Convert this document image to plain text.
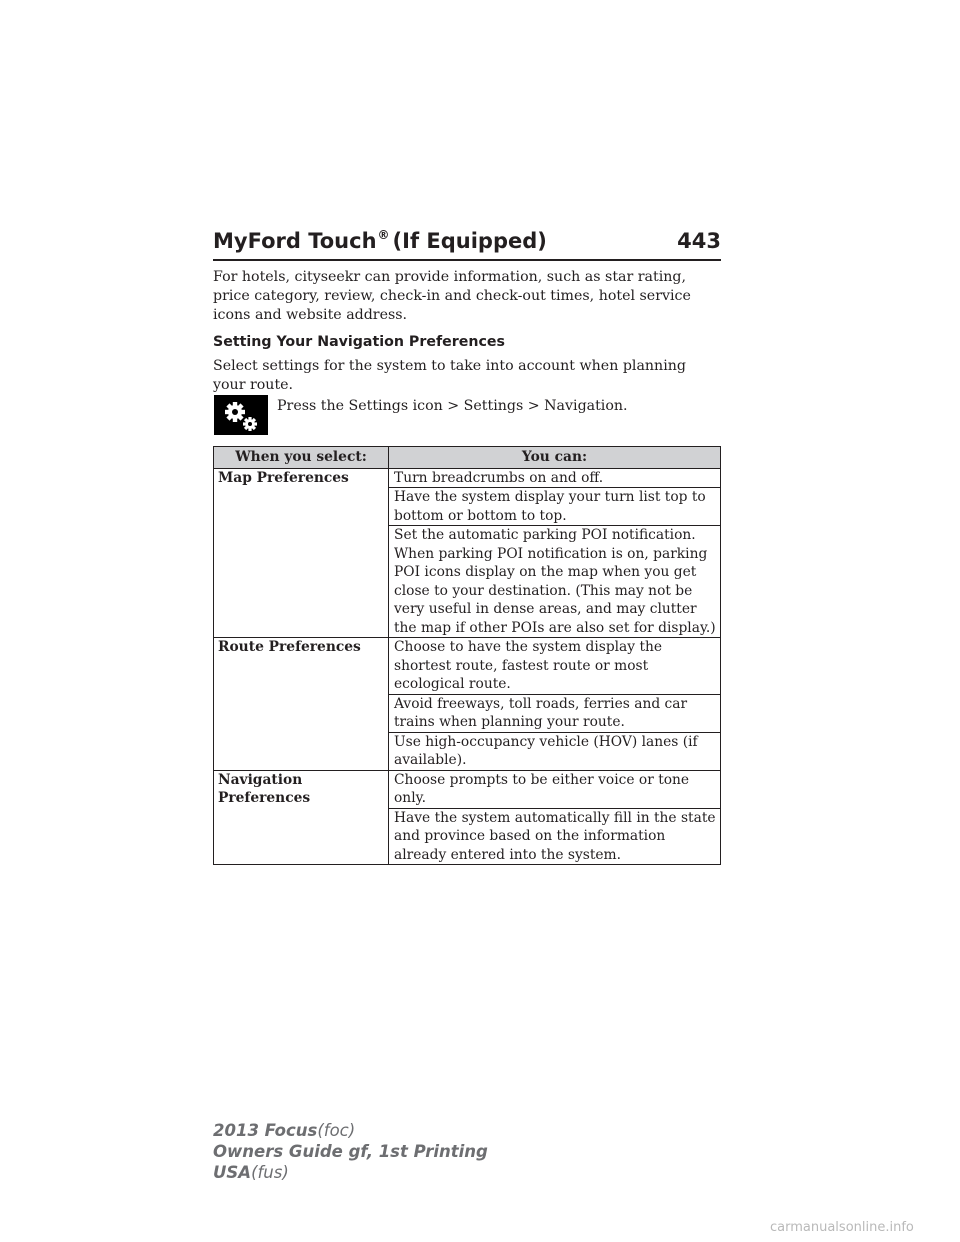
MyFord Touch ® (If Equipped)	443

For hotels, cityseekr can provide information, such as star rating, price category, review, check-in and check-out times, hotel service icons and website address.

Setting Your Navigation Preferences

Select settings for the system to take into account when planning your route.

Press the Settings icon > Settings > Navigation.

When you select:	You can:
Map Preferences	Turn breadcrumbs on and off.
	Have the system display your turn list top to bottom or bottom to top.
	Set the automatic parking POI notification. When parking POI notification is on, parking POI icons display on the map when you get close to your destination. (This may not be very useful in dense areas, and may clutter the map if other POIs are also set for display.)
Route Preferences	Choose to have the system display the shortest route, fastest route or most ecological route.
	Avoid freeways, toll roads, ferries and car trains when planning your route.
	Use high-occupancy vehicle (HOV) lanes (if available).
Navigation Preferences	Choose prompts to be either voice or tone only.
	Have the system automatically fill in the state and province based on the information already entered into the system.
2013 Focus(foc)
Owners Guide gf, 1st Printing
USA(fus)
carmanualsonline.info
